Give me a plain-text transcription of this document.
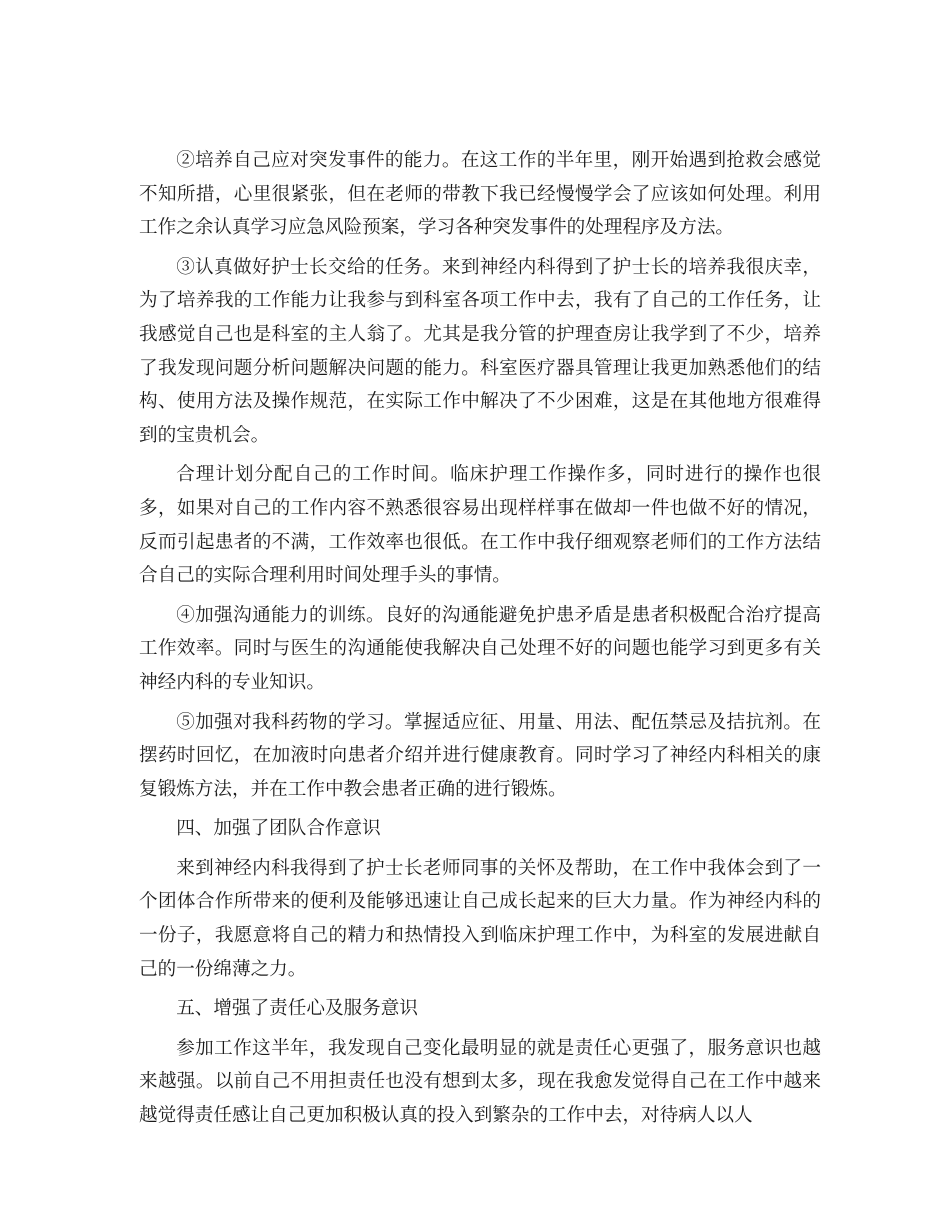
②培养自己应对突发事件的能力。在这工作的半年里，刚开始遇到抢救会感觉不知所措，心里很紧张，但在老师的带教下我已经慢慢学会了应该如何处理。利用工作之余认真学习应急风险预案，学习各种突发事件的处理程序及方法。

③认真做好护士长交给的任务。来到神经内科得到了护士长的培养我很庆幸，为了培养我的工作能力让我参与到科室各项工作中去，我有了自己的工作任务，让我感觉自己也是科室的主人翁了。尤其是我分管的护理查房让我学到了不少，培养了我发现问题分析问题解决问题的能力。科室医疗器具管理让我更加熟悉他们的结构、使用方法及操作规范，在实际工作中解决了不少困难，这是在其他地方很难得到的宝贵机会。

合理计划分配自己的工作时间。临床护理工作操作多，同时进行的操作也很多，如果对自己的工作内容不熟悉很容易出现样样事在做却一件也做不好的情况，反而引起患者的不满，工作效率也很低。在工作中我仔细观察老师们的工作方法结合自己的实际合理利用时间处理手头的事情。

④加强沟通能力的训练。良好的沟通能避免护患矛盾是患者积极配合治疗提高工作效率。同时与医生的沟通能使我解决自己处理不好的问题也能学习到更多有关神经内科的专业知识。

⑤加强对我科药物的学习。掌握适应征、用量、用法、配伍禁忌及拮抗剂。在摆药时回忆，在加液时向患者介绍并进行健康教育。同时学习了神经内科相关的康复锻炼方法，并在工作中教会患者正确的进行锻炼。

四、加强了团队合作意识

来到神经内科我得到了护士长老师同事的关怀及帮助，在工作中我体会到了一个团体合作所带来的便利及能够迅速让自己成长起来的巨大力量。作为神经内科的一份子，我愿意将自己的精力和热情投入到临床护理工作中，为科室的发展进献自己的一份绵薄之力。

五、增强了责任心及服务意识

参加工作这半年，我发现自己变化最明显的就是责任心更强了，服务意识也越来越强。以前自己不用担责任也没有想到太多，现在我愈发觉得自己在工作中越来越觉得责任感让自己更加积极认真的投入到繁杂的工作中去，对待病人以人
